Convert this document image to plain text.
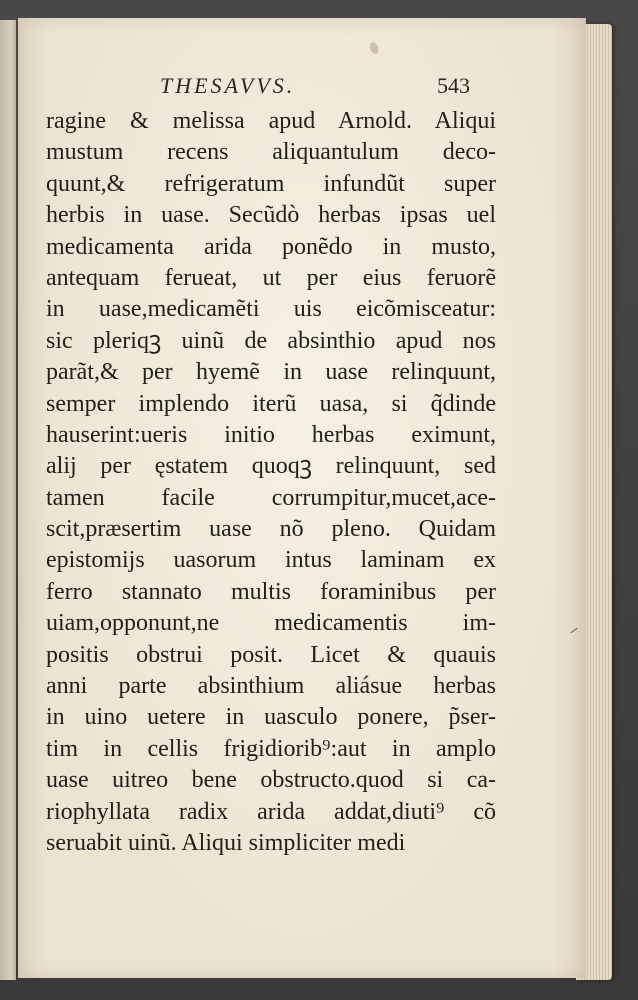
THESAVVS.	543
ragine & melissa apud Arnold. Aliqui
mustum recens aliquantulum deco-
quunt,& refrigeratum infundũt super
herbis in uase. Secũdò herbas ipsas uel
medicamenta arida ponẽdo in musto,
antequam ferueat, ut per eius feruorẽ
in uase,medicamẽti uis eicõmisceatur:
sic pleriqꝫ uinũ de absinthio apud nos
parãt,& per hyemẽ in uase relinquunt,
semper implendo iterũ uasa, si q̃dinde
hauserint:ueris initio herbas eximunt,
alij per ęstatem quoqꝫ relinquunt, sed
tamen facile corrumpitur,mucet,ace-
scit,præsertim uase nõ pleno. Quidam
epistomijs uasorum intus laminam ex
ferro stannato multis foraminibus per
uiam,opponunt,ne medicamentis im-
positis obstrui posit. Licet & quauis
anni parte absinthium aliásue herbas
in uino uetere in uasculo ponere, p̃ser-
tim in cellis frigidiorib⁹:aut in amplo
uase uitreo bene obstructo.quod si ca-
riophyllata radix arida addat,diuti⁹ cõ
seruabit uinũ. Aliqui simpliciter medi
